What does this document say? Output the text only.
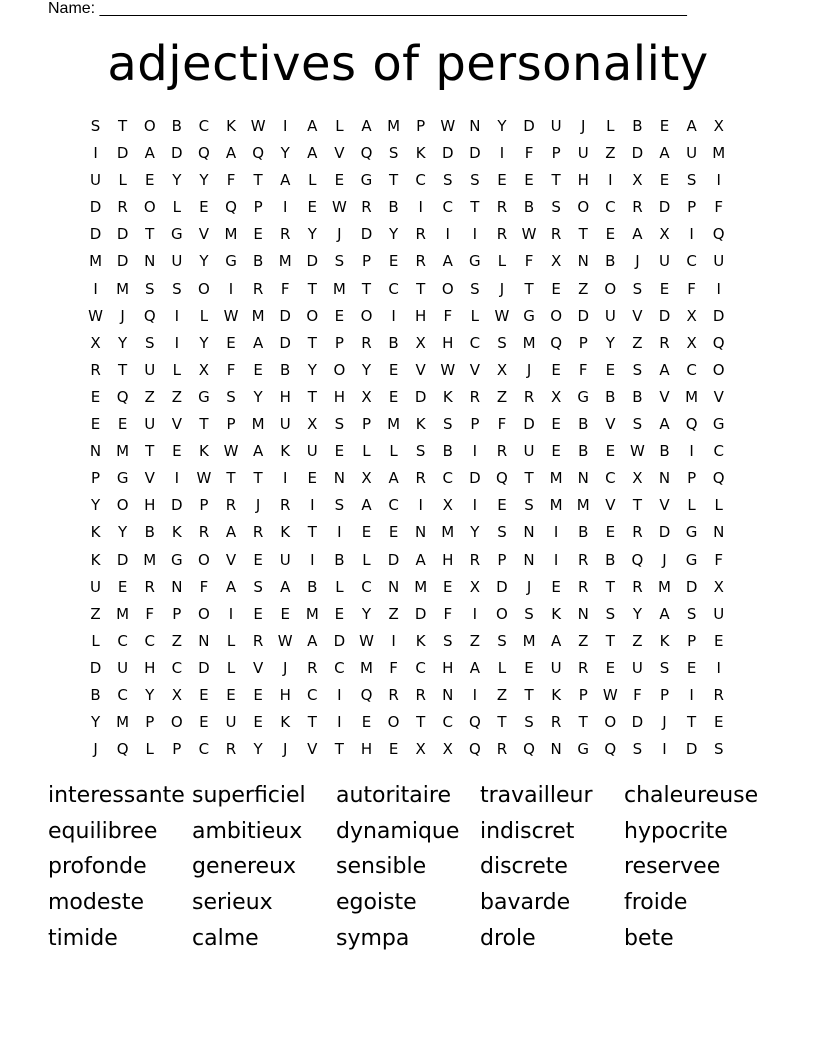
Name: __________________________________________________________________
adjectives of personality
S	T	O	B	C	K W	I	A	L	A	M	P	W N	Y	D	U	J	L	B	E	A	X
I	D	A	D	Q	A	Q	Y	A	V	Q	S	K	D	D	I	F	P	U	Z	D	A	U	M
U	L	E	Y	Y	F	T	A	L	E	G	T	C	S	S	E	E	T	H	I	X	E	S	I
D	R	O	L	E	Q	P	I	E W R	B	I	C	T	R	B	S	O	C	R	D	P	F
D	D	T	G	V	M	E	R	Y	J	D	Y	R	I	I	R W R	T	E	A	X	I	Q
M D	N	U	Y	G	B	M D	S	P	E	R	A	G	L	F	X	N	B	J	U	C	U
I	M	S	S	O	I	R	F	T	M	T	C	T	O	S	J	T	E	Z	O	S	E	F	I
W	J	Q	I	L	W M D	O	E	O	I	H	F	L	W G	O	D	U	V	D	X	D
X	Y	S	I	Y	E	A	D	T	P	R	B	X	H	C	S	M Q	P	Y	Z	R	X	Q
R	T	U	L	X	F	E	B	Y	O	Y	E	V W V	X	J	E	F	E	S	A	C	O
E	Q	Z	Z	G	S	Y	H	T	H	X	E	D	K	R	Z	R	X	G	B	B	V	M	V
E	E	U	V	T	P	M	U	X	S	P	M	K	S	P	F	D	E	B	V	S	A	Q	G
N	M	T	E	K W A	K	U	E	L	L	S	B	I	R	U	E	B	E W B	I	C
P	G	V	I	W	T	T	I	E	N	X	A	R	C	D	Q	T	M	N	C	X	N	P	Q
Y	O	H	D	P	R	J	R	I	S	A	C	I	X	I	E	S	M M	V	T	V	L	L
K	Y	B	K	R	A	R	K	T	I	E	E	N	M	Y	S	N	I	B	E	R	D	G	N
K	D M G	O	V	E	U	I	B	L	D	A	H	R	P	N	I	R	B	Q	J	G	F
U	E	R	N	F	A	S	A	B	L	C	N	M	E	X	D	J	E	R	T	R	M D	X
Z	M	F	P	O	I	E	E	M	E	Y	Z	D	F	I	O	S	K	N	S	Y	A	S	U
L	C	C	Z	N	L	R W A	D W	I	K	S	Z	S	M	A	Z	T	Z	K	P	E
D	U	H	C	D	L	V	J	R	C	M	F	C	H	A	L	E	U	R	E	U	S	E	I
B	C	Y	X	E	E	E	H	C	I	Q	R	R	N	I	Z	T	K	P	W	F	P	I	R
Y	M	P	O	E	U	E	K	T	I	E	O	T	C	Q	T	S	R	T	O	D	J	T	E
J	Q	L	P	C	R	Y	J	V	T	H	E	X	X	Q	R	Q	N	G	Q	S	I	D	S
interessante superficiel	autoritaire	travailleur	chaleureuse
equilibree	ambitieux	dynamique indiscret	hypocrite
profonde	genereux	sensible	discrete	reservee
modeste	serieux	egoiste	bavarde	froide
timide	calme	sympa	drole	bete
